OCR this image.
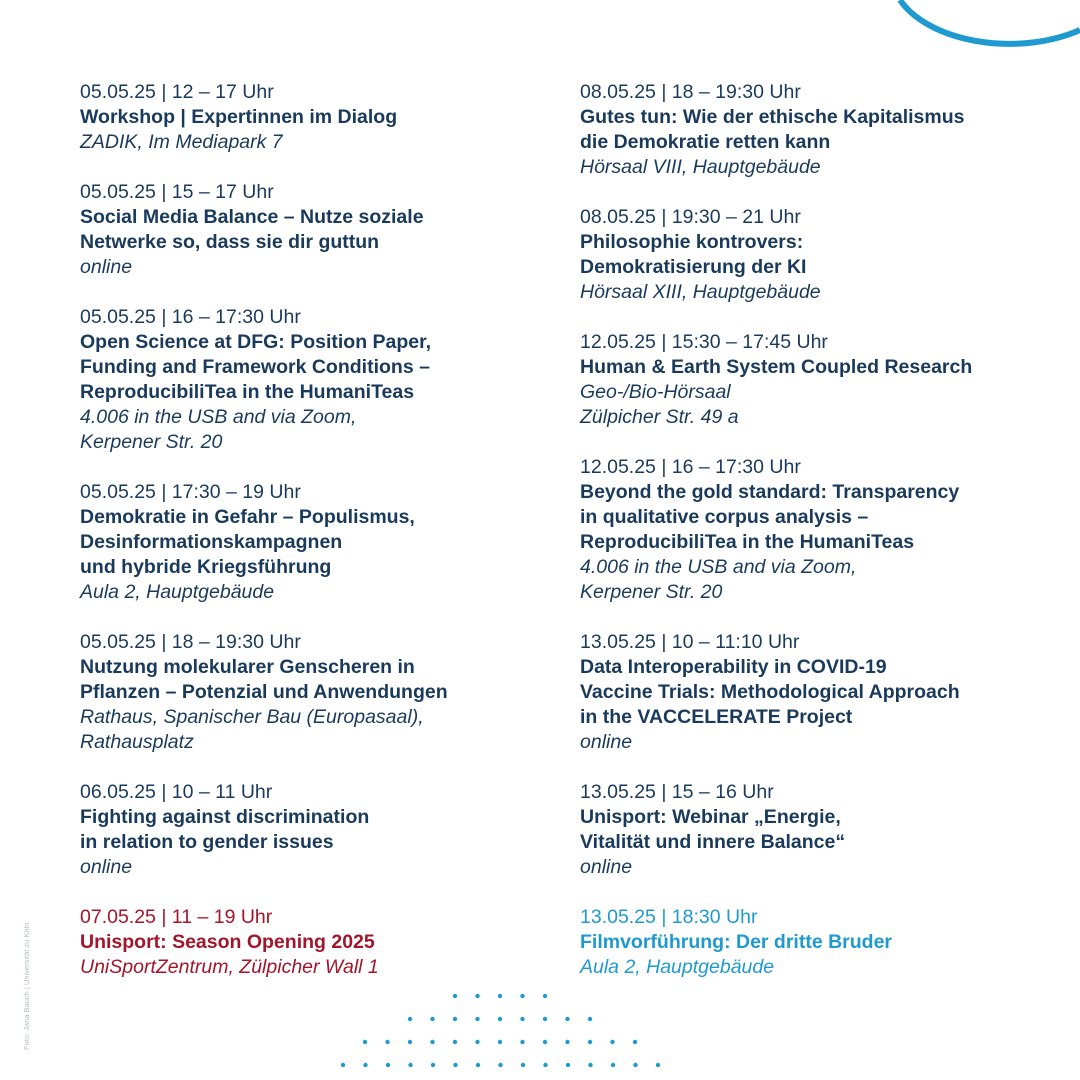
05.05.25 | 12 – 17 Uhr
Workshop | Expertinnen im Dialog
ZADIK, Im Mediapark 7
05.05.25 | 15 – 17 Uhr
Social Media Balance – Nutze soziale
Netwerke so, dass sie dir guttun
online
05.05.25 | 16 – 17:30 Uhr
Open Science at DFG: Position Paper,
Funding and Framework Conditions –
ReproducibiliTea in the HumaniTeas
4.006 in the USB and via Zoom,
Kerpener Str. 20
05.05.25 | 17:30 – 19 Uhr
Demokratie in Gefahr – Populismus,
Desinformationskampagnen
und hybride Kriegsführung
Aula 2, Hauptgebäude
05.05.25 | 18 – 19:30 Uhr
Nutzung molekularer Genscheren in
Pflanzen – Potenzial und Anwendungen
Rathaus, Spanischer Bau (Europasaal),
Rathausplatz
06.05.25 | 10 – 11 Uhr
Fighting against discrimination
in relation to gender issues
online
07.05.25 | 11 – 19 Uhr
Unisport: Season Opening 2025
UniSportZentrum, Zülpicher Wall 1
08.05.25 | 18 – 19:30 Uhr
Gutes tun: Wie der ethische Kapitalismus
die Demokratie retten kann
Hörsaal VIII, Hauptgebäude
08.05.25 | 19:30 – 21 Uhr
Philosophie kontrovers:
Demokratisierung der KI
Hörsaal XIII, Hauptgebäude
12.05.25 | 15:30 – 17:45 Uhr
Human & Earth System Coupled Research
Geo-/Bio-Hörsaal
Zülpicher Str. 49 a
12.05.25 | 16 – 17:30 Uhr
Beyond the gold standard: Transparency
in qualitative corpus analysis –
ReproducibiliTea in the HumaniTeas
4.006 in the USB and via Zoom,
Kerpener Str. 20
13.05.25 | 10 – 11:10 Uhr
Data Interoperability in COVID-19
Vaccine Trials: Methodological Approach
in the VACCELERATE Project
online
13.05.25 | 15 – 16 Uhr
Unisport: Webinar „Energie,
Vitalität und innere Balance“
online
13.05.25 | 18:30 Uhr
Filmvorführung: Der dritte Bruder
Aula 2, Hauptgebäude
Foto: Jana Bauch | Universität zu Köln
